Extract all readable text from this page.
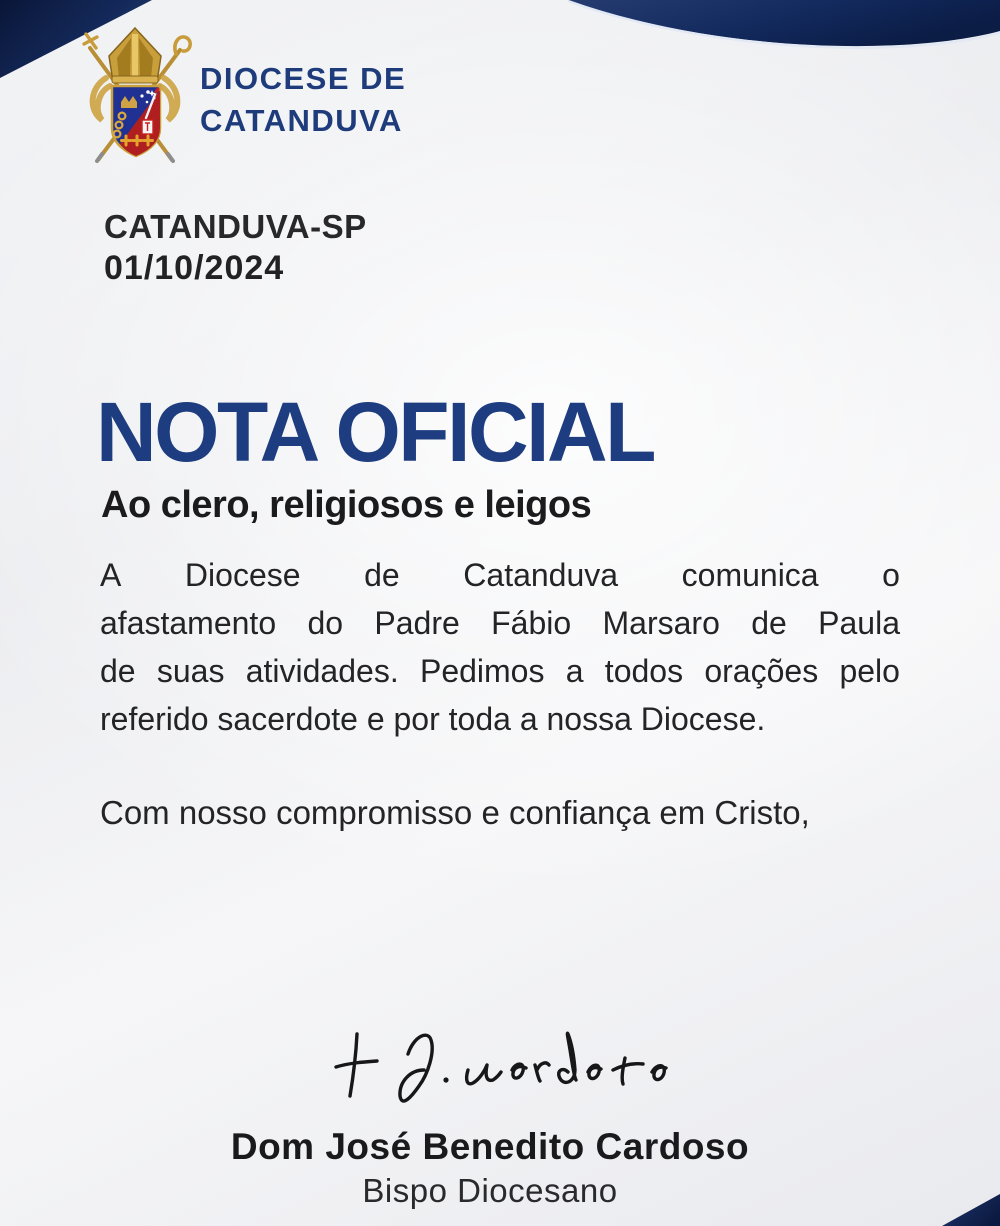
DIOCESE DE
CATANDUVA
CATANDUVA-SP
01/10/2024
NOTA OFICIAL
Ao clero, religiosos e leigos
A Diocese de Catanduva comunica o
afastamento do Padre Fábio Marsaro de Paula
de suas atividades. Pedimos a todos orações pelo
referido sacerdote e por toda a nossa Diocese.
Com nosso compromisso e confiança em Cristo,
Dom José Benedito Cardoso
Bispo Diocesano
